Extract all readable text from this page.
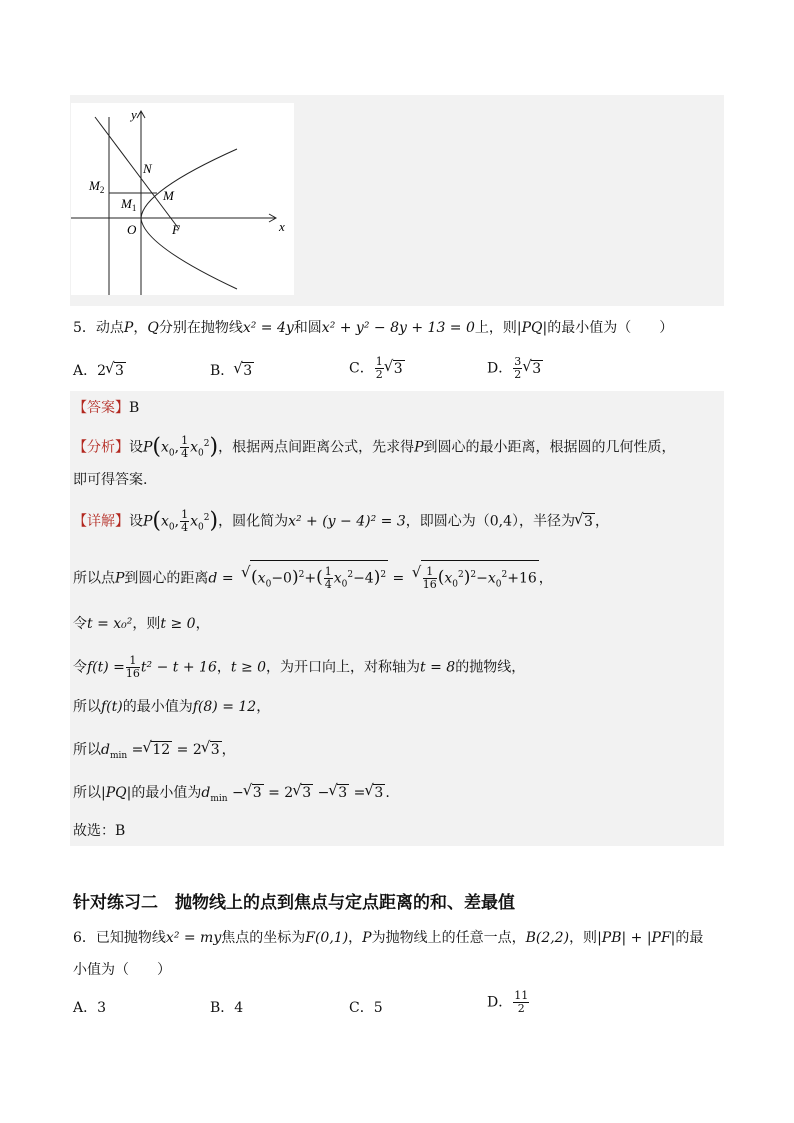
y
x
N
$M_2$	M
$M_1$
O	F
5．动点P，Q分别在抛物线x² = 4y和圆x² + y² − 8y + 13 = 0上，则|PQ|的最小值为（　　）
A．2 √ 3	B． √ 3	C． $\frac{1}{2}$ √ 3	D． $\frac{3}{2}$ √ 3
【答案】B
【分析】设$P(x_0$, $\frac{1}{4} x_0^2$)，根据两点间距离公式，先求得P到圆心的最小距离，根据圆的几何性质，
即可得答案.
【详解】设$P(x_0$, $\frac{1}{4} x_0^2$)，圆化简为x² + (y − 4)² = 3，即圆心为（0,4），半径为 √ 3 ，
所以点P到圆心的距离d = √ $(x_0-0)^2+( \frac{1}{4} x_0^2-4)^2$ = √ $\frac{1}{16} (x_0^2)^2-x_0^2+16$ ，
令t = x₀²，则t ≥ 0，
令$f(t) = \frac{1}{16} t^2 - t + 16$，t ≥ 0，为开口向上，对称轴为t = 8的抛物线，
所以f(t)的最小值为f(8) = 12，
所以$d_{min}$ = √ 12 = 2 √ 3 ，
所以|PQ|的最小值为$d_{min}$ − √ 3 = 2 √ 3 − √ 3 = √ 3 .
故选：B
针对练习二　抛物线上的点到焦点与定点距离的和、差最值
6．已知抛物线x² = my焦点的坐标为F(0,1)，P为抛物线上的任意一点，B(2,2)，则|PB| + |PF|的最
小值为（　　）
A．3	B．4	C．5	D． $\frac{11}{2}$
